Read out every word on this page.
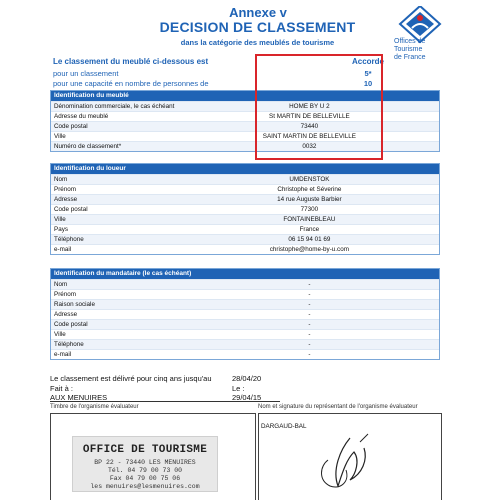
Annexe v
DECISION DE CLASSEMENT
dans la catégorie des meublés de tourisme	Offices de
Tourisme
de France
Le classement du meublé ci-dessous est	Accordé
pour un classement	5*
pour une capacité en nombre de personnes de	10
Identification du meublé
Dénomination commerciale, le cas échéant	HOME BY U 2
Adresse du meublé	St MARTIN DE BELLEVILLE
Code postal	73440
Ville	SAINT MARTIN DE BELLEVILLE
Numéro de classement*	0032
Identification du loueur
Nom	UMDENSTOK
Prénom	Christophe et Séverine
Adresse	14 rue Auguste Barbier
Code postal	77300
Ville	FONTAINEBLEAU
Pays	France
Téléphone	06 15 94 01 69
e-mail	christophe@home-by-u.com
Identification du mandataire (le cas échéant)
Nom	-
Prénom	-
Raison sociale	-
Adresse	-
Code postal	-
Ville	-
Téléphone	-
e-mail	-
Le classement est délivré pour cinq ans jusqu'au	28/04/20
Fait à :	Le :
AUX MENUIRES	29/04/15
Timbre de l'organisme évaluateur	Nom et signature du représentant de l'organisme évaluateur
OFFICE DE TOURISME
BP 22 - 73440 LES MENUIRES
Tél. 04 79 00 73 00
Fax 04 79 00 75 06
les menuires@lesmenuires.com
DARGAUD-BAL
